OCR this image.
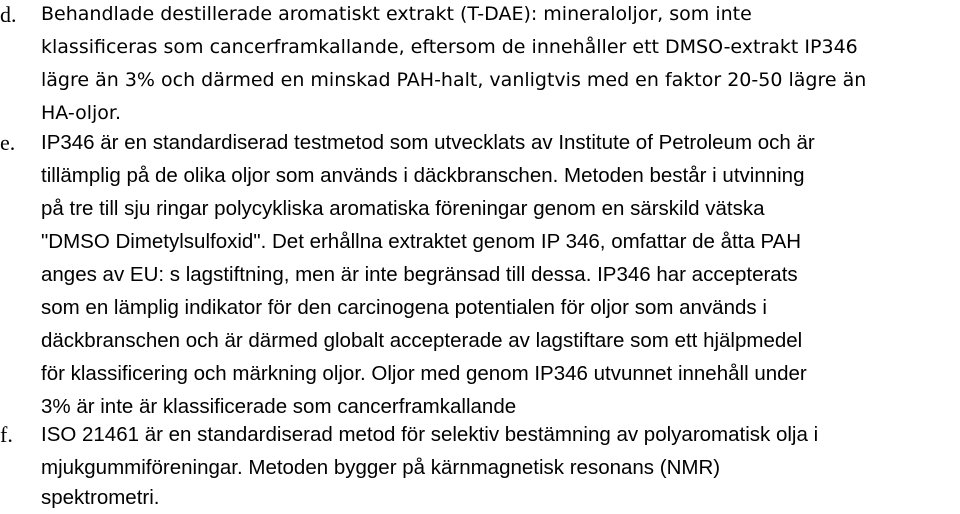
d. Behandlade destillerade aromatiskt extrakt (T-DAE): mineraloljor, som inte
klassificeras som cancerframkallande, eftersom de innehåller ett DMSO-extrakt IP346
lägre än 3% och därmed en minskad PAH-halt, vanligtvis med en faktor 20-50 lägre än
HA-oljor.
e. IP346 är en standardiserad testmetod som utvecklats av Institute of Petroleum och är
tillämplig på de olika oljor som används i däckbranschen. Metoden består i utvinning
på tre till sju ringar polycykliska aromatiska föreningar genom en särskild vätska
"DMSO Dimetylsulfoxid". Det erhållna extraktet genom IP 346, omfattar de åtta PAH
anges av EU: s lagstiftning, men är inte begränsad till dessa. IP346 har accepterats
som en lämplig indikator för den carcinogena potentialen för oljor som används i
däckbranschen och är därmed globalt accepterade av lagstiftare som ett hjälpmedel
för klassificering och märkning oljor. Oljor med genom IP346 utvunnet innehåll under
3% är inte är klassificerade som cancerframkallande
f. ISO 21461 är en standardiserad metod för selektiv bestämning av polyaromatisk olja i
mjukgummiföreningar. Metoden bygger på kärnmagnetisk resonans (NMR)
spektrometri.
